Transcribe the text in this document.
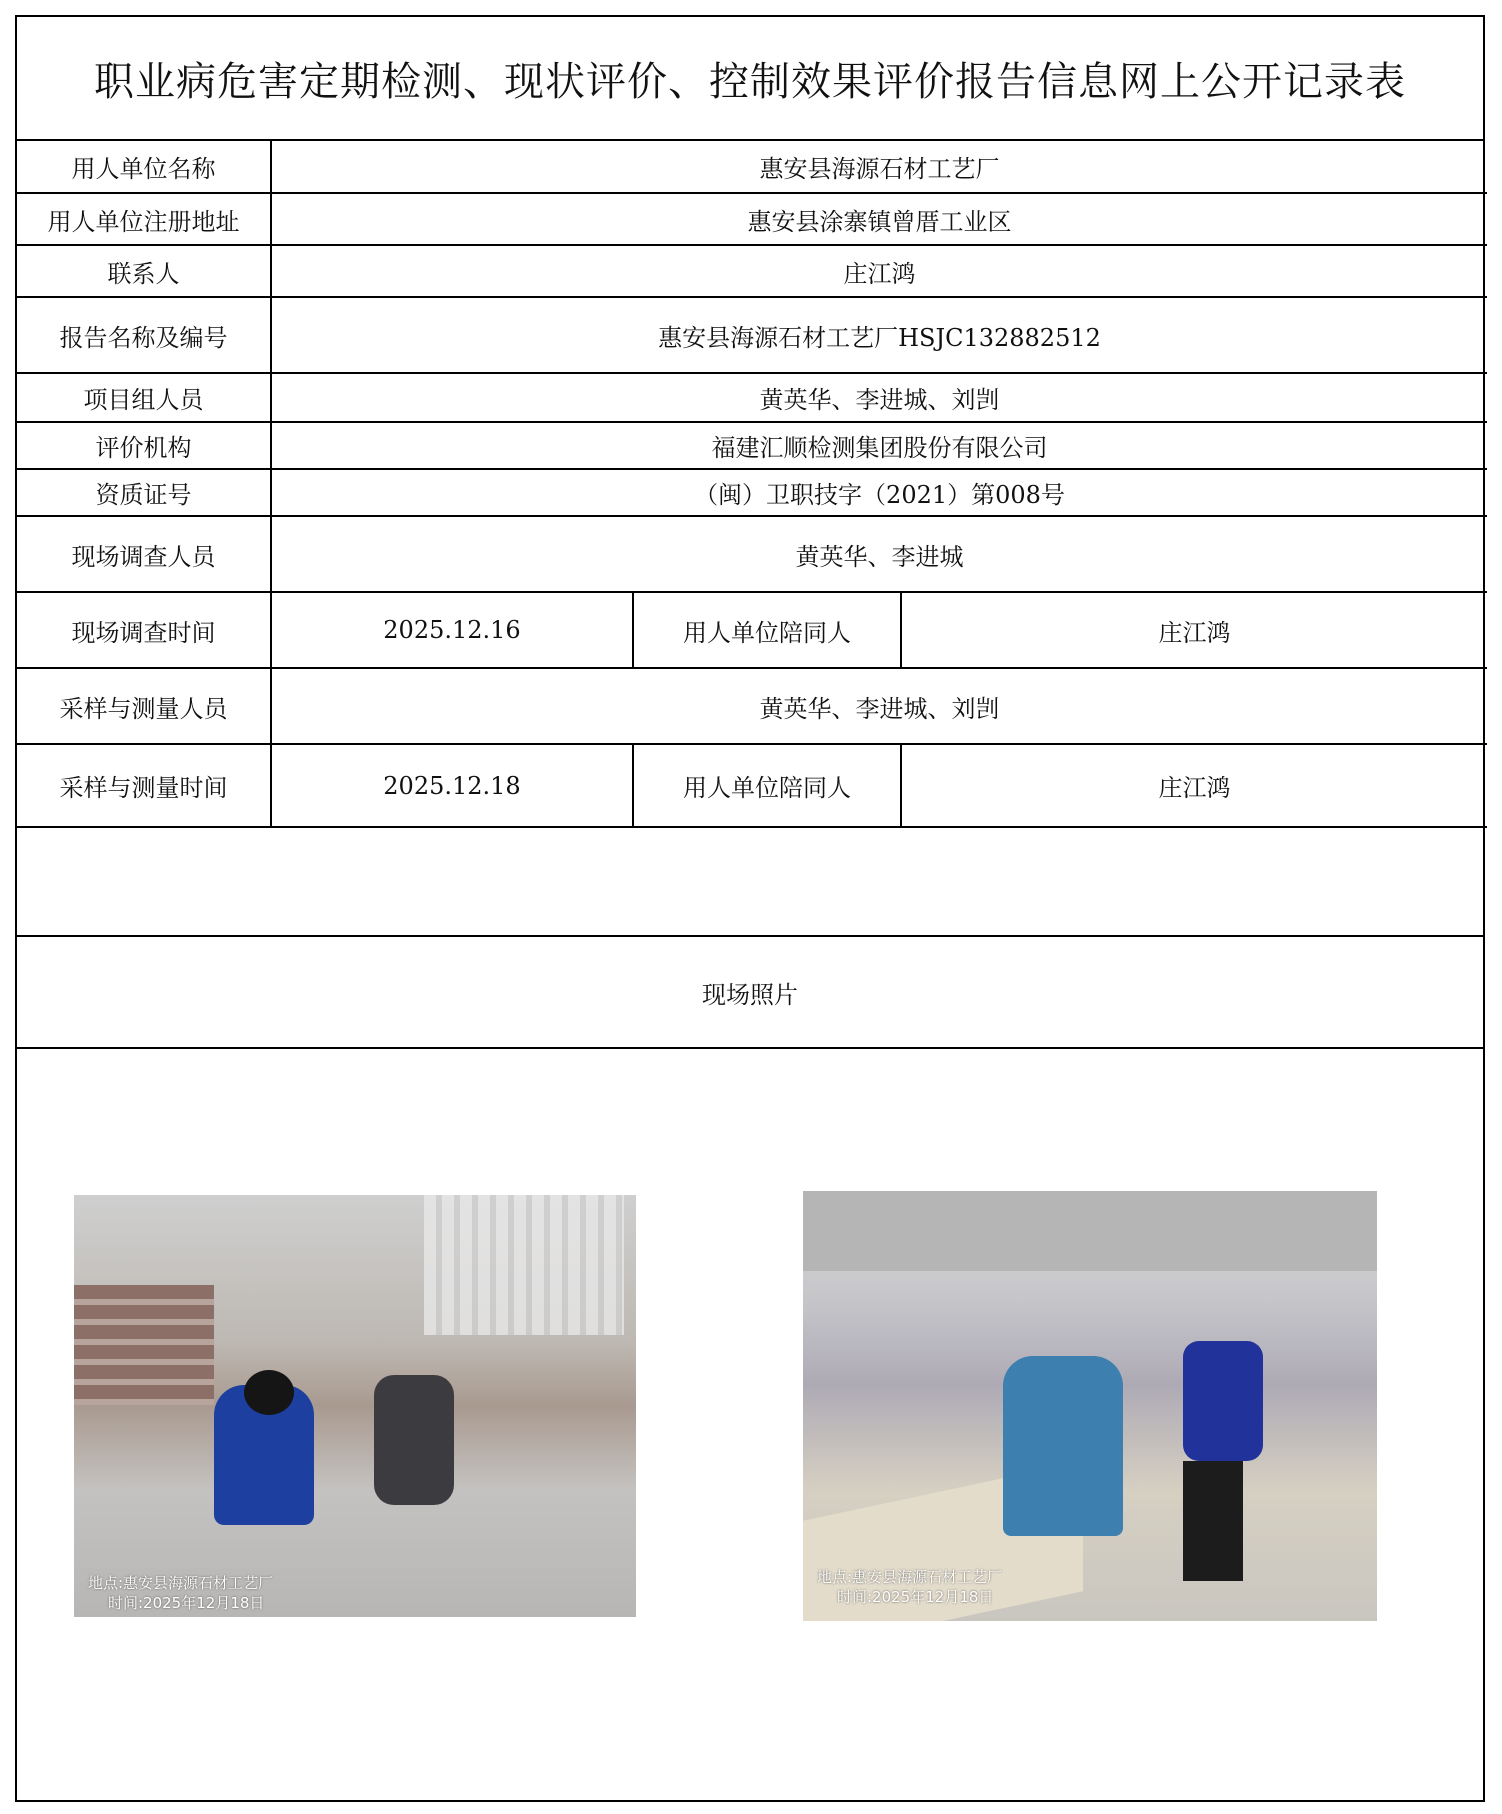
职业病危害定期检测、现状评价、控制效果评价报告信息网上公开记录表
用人单位名称	惠安县海源石材工艺厂		
用人单位注册地址	惠安县涂寨镇曾厝工业区		
联系人	庄江鸿		
报告名称及编号	惠安县海源石材工艺厂HSJC132882512		
项目组人员	黄英华、李进城、刘剀		
评价机构	福建汇顺检测集团股份有限公司		
资质证号	（闽）卫职技字（2021）第008号		
现场调查人员	黄英华、李进城		
现场调查时间	2025.12.16	用人单位陪同人	庄江鸿
采样与测量人员	黄英华、李进城、刘剀		
采样与测量时间	2025.12.18	用人单位陪同人	庄江鸿
现场照片
地点:惠安县海源石材工艺厂
时间:2025年12月18日
地点:惠安县海源石材工艺厂
时间:2025年12月18日
